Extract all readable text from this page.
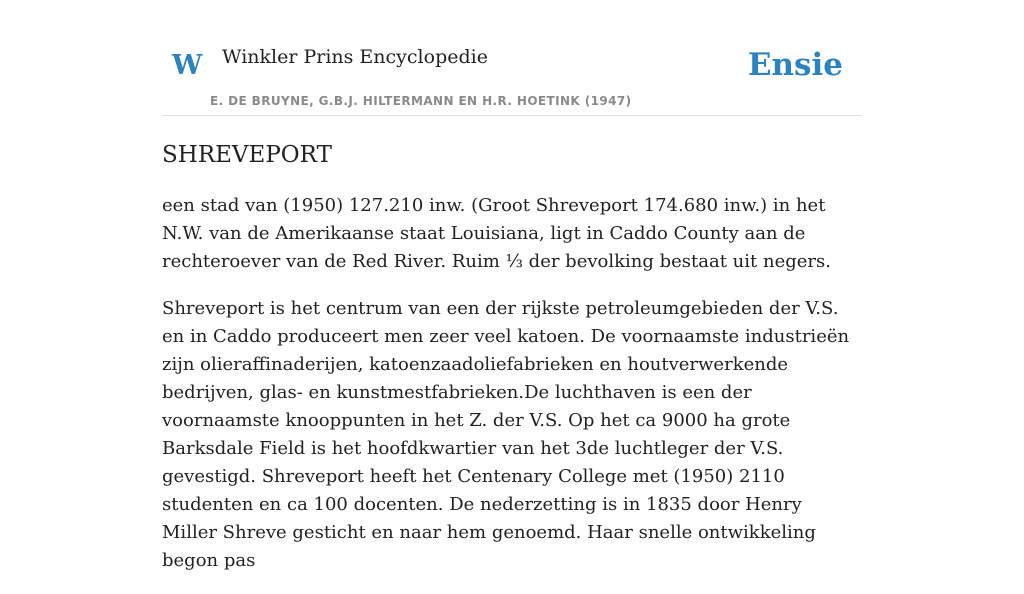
W Winkler Prins Encyclopedie
E. DE BRUYNE, G.B.J. HILTERMANN EN H.R. HOETINK (1947)
Ensie
SHREVEPORT

een stad van (1950) 127.210 inw. (Groot Shreveport 174.680 inw.) in het N.W. van de Amerikaanse staat Louisiana, ligt in Caddo County aan de rechteroever van de Red River. Ruim ⅓ der bevolking bestaat uit negers.

Shreveport is het centrum van een der rijkste petroleumgebieden der V.S. en in Caddo produceert men zeer veel katoen. De voornaamste industrieën zijn olieraffinaderijen, katoenzaadoliefabrieken en houtverwerkende bedrijven, glas- en kunstmestfabrieken.De luchthaven is een der voornaamste knooppunten in het Z. der V.S. Op het ca 9000 ha grote Barksdale Field is het hoofdkwartier van het 3de luchtleger der V.S. gevestigd. Shreveport heeft het Centenary College met (1950) 2110 studenten en ca 100 docenten. De nederzetting is in 1835 door Henry Miller Shreve gesticht en naar hem genoemd. Haar snelle ontwikkeling begon pas
